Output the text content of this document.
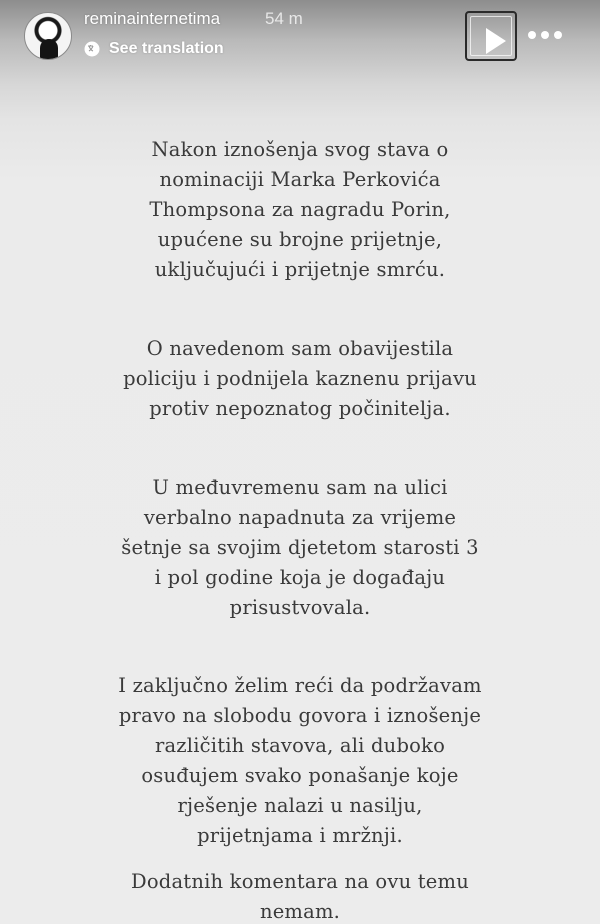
reminainternetima	54 m
See translation
Nakon iznošenja svog stava o
nominaciji Marka Perkovića
Thompsona za nagradu Porin,
upućene su brojne prijetnje,
uključujući i prijetnje smrću.
O navedenom sam obavijestila
policiju i podnijela kaznenu prijavu
protiv nepoznatog počinitelja.
U međuvremenu sam na ulici
verbalno napadnuta za vrijeme
šetnje sa svojim djetetom starosti 3
i pol godine koja je događaju
prisustvovala.
I zaključno želim reći da podržavam
pravo na slobodu govora i iznošenje
različitih stavova, ali duboko
osuđujem svako ponašanje koje
rješenje nalazi u nasilju,
prijetnjama i mržnji.
Dodatnih komentara na ovu temu
nemam.
